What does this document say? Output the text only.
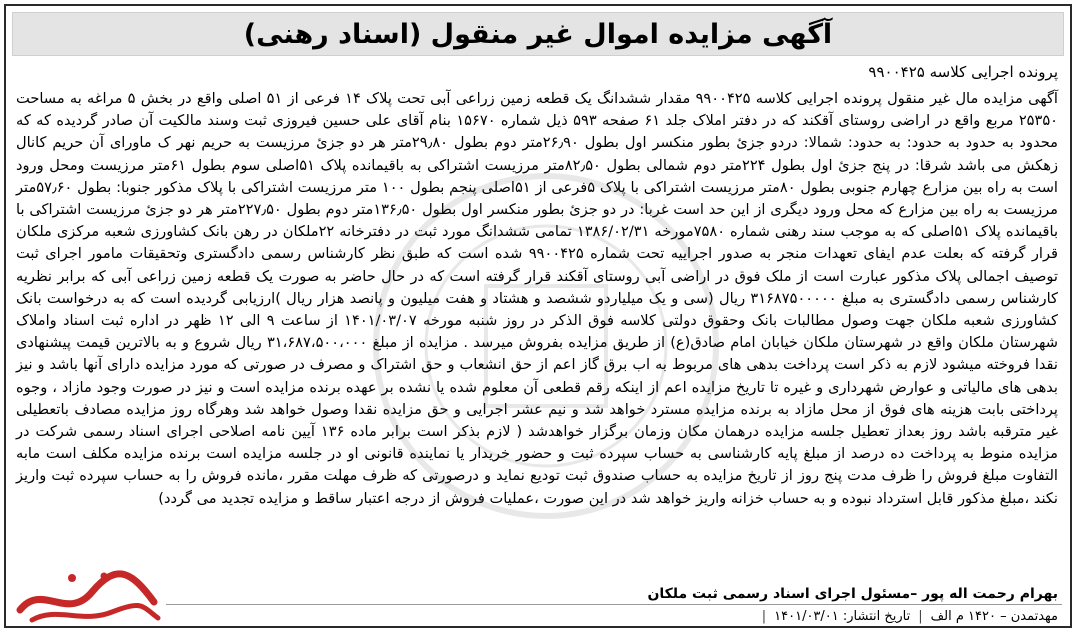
آگهی مزایده اموال غیر منقول (اسناد رهنی)
پرونده اجرایی کلاسه ۹۹۰۰۴۲۵

آگهی مزایده مال غیر منقول پرونده اجرایی کلاسه ۹۹۰۰۴۲۵ مقدار ششدانگ یک قطعه زمین زراعی آبی تحت پلاک ۱۴ فرعی از ۵۱ اصلی واقع در بخش ۵ مراغه به مساحت ۲۵۳۵۰ مربع واقع در اراضی روستای آقکند که در دفتر املاک جلد ۶۱ صفحه ۵۹۳ ذیل شماره ۱۵۶۷۰ بنام آقای علی حسین فیروزی ثبت وسند مالکیت آن صادر گردیده که که محدود به حدود به حدود: به حدود: شمالا: دردو جزئ بطور منکسر اول بطول ۲۶٫۹۰متر دوم بطول ۲۹٫۸۰متر هر دو جزئ مرزیست به حریم نهر ک ماورای آن حریم کانال زهکش می باشد شرقا: در پنج جزئ اول بطول ۲۲۴متر دوم شمالی بطول ۸۲٫۵۰متر مرزیست اشتراکی به باقیمانده پلاک ۵۱اصلی سوم بطول ۶۱متر مرزیست ومحل ورود است به راه بین مزارع چهارم جنوبی بطول ۸۰متر مرزیست اشتراکی با پلاک ۵فرعی از ۵۱اصلی پنجم بطول ۱۰۰ متر مرزیست اشتراکی با پلاک مذکور جنوبا: بطول ۵۷٫۶۰متر مرزیست به راه بین مزارع که محل ورود دیگری از این حد است غربا: در دو جزئ بطور منکسر اول بطول ۱۳۶٫۵۰متر دوم بطول ۲۲۷٫۵۰متر هر دو جزئ مرزیست اشتراکی با باقیمانده پلاک ۵۱اصلی که به موجب سند رهنی شماره ۷۵۸۰مورخه ۱۳۸۶/۰۲/۳۱ تمامی ششدانگ مورد ثبت در دفترخانه ۲۲ملکان در رهن بانک کشاورزی شعبه مرکزی ملکان قرار گرفته که بعلت عدم ایفای تعهدات منجر به صدور اجراییه تحت شماره ۹۹۰۰۴۲۵ شده است که طبق نظر کارشناس رسمی دادگستری وتحقیقات مامور اجرای ثبت توصیف اجمالی پلاک مذکور عبارت است از ملک فوق در اراضی آبی روستای آقکند قرار گرفته است که در حال حاضر به صورت یک قطعه زمین زراعی آبی که برابر نظریه کارشناس رسمی دادگستری به مبلغ ۳۱۶۸۷۵۰۰۰۰۰ ریال (سی و یک میلیاردو ششصد و هشتاد و هفت میلیون و پانصد هزار ریال )ارزیابی گردیده است که به درخواست بانک کشاورزی شعبه ملکان جهت وصول مطالبات بانک وحقوق دولتی کلاسه فوق الذکر در روز شنبه مورخه ۱۴۰۱/۰۳/۰۷ از ساعت ۹ الی ۱۲ ظهر در اداره ثبت اسناد واملاک شهرستان ملکان واقع در شهرستان ملکان خیابان امام صادق(ع) از طریق مزایده بفروش میرسد . مزایده از مبلغ ۳۱،۶۸۷،۵۰۰،۰۰۰ ریال شروع و به بالاترین قیمت پیشنهادی نقدا فروخته میشود لازم به ذکر است پرداخت بدهی های مربوط به اب برق گاز اعم از حق انشعاب و حق اشتراک و مصرف در صورتی که مورد مزایده دارای آنها باشد و نیز بدهی های مالیاتی و عوارض شهرداری و غیره تا تاریخ مزایده اعم از اینکه رقم قطعی آن معلوم شده یا نشده بر عهده برنده مزایده است و نیز در صورت وجود مازاد ، وجوه پرداختی بابت هزینه های فوق از محل مازاد به برنده مزایده مسترد خواهد شد و نیم عشر اجرایی و حق مزایده نقدا وصول خواهد شد وهرگاه روز مزایده مصادف باتعطیلی غیر مترقبه باشد روز بعداز تعطیل جلسه مزایده درهمان مکان وزمان برگزار خواهدشد ( لازم بذکر است برابر ماده ۱۳۶ آیین نامه اصلاحی اجرای اسناد رسمی شرکت در مزایده منوط به پرداخت ده درصد از مبلغ پایه کارشناسی به حساب سپرده ثبت و حضور خریدار یا نماینده قانونی او در جلسه مزایده است برنده مزایده مکلف است مابه التفاوت مبلغ فروش را ظرف مدت پنج روز از تاریخ مزایده به حساب صندوق ثبت تودیع نماید و درصورتی که ظرف مهلت مقرر ،مانده فروش را به حساب سپرده ثبت واریز نکند ،مبلغ مذکور قابل استرداد نبوده و به حساب خزانه واریز خواهد شد در این صورت ،عملیات فروش از درجه اعتبار ساقط و مزایده تجدید می گردد)

بهرام رحمت اله پور –مسئول اجرای اسناد رسمی ثبت ملکان
مهدتمدن – ۱۴۲۰ م الف
|
تاریخ انتشار: ۱۴۰۱/۰۳/۰۱
|
